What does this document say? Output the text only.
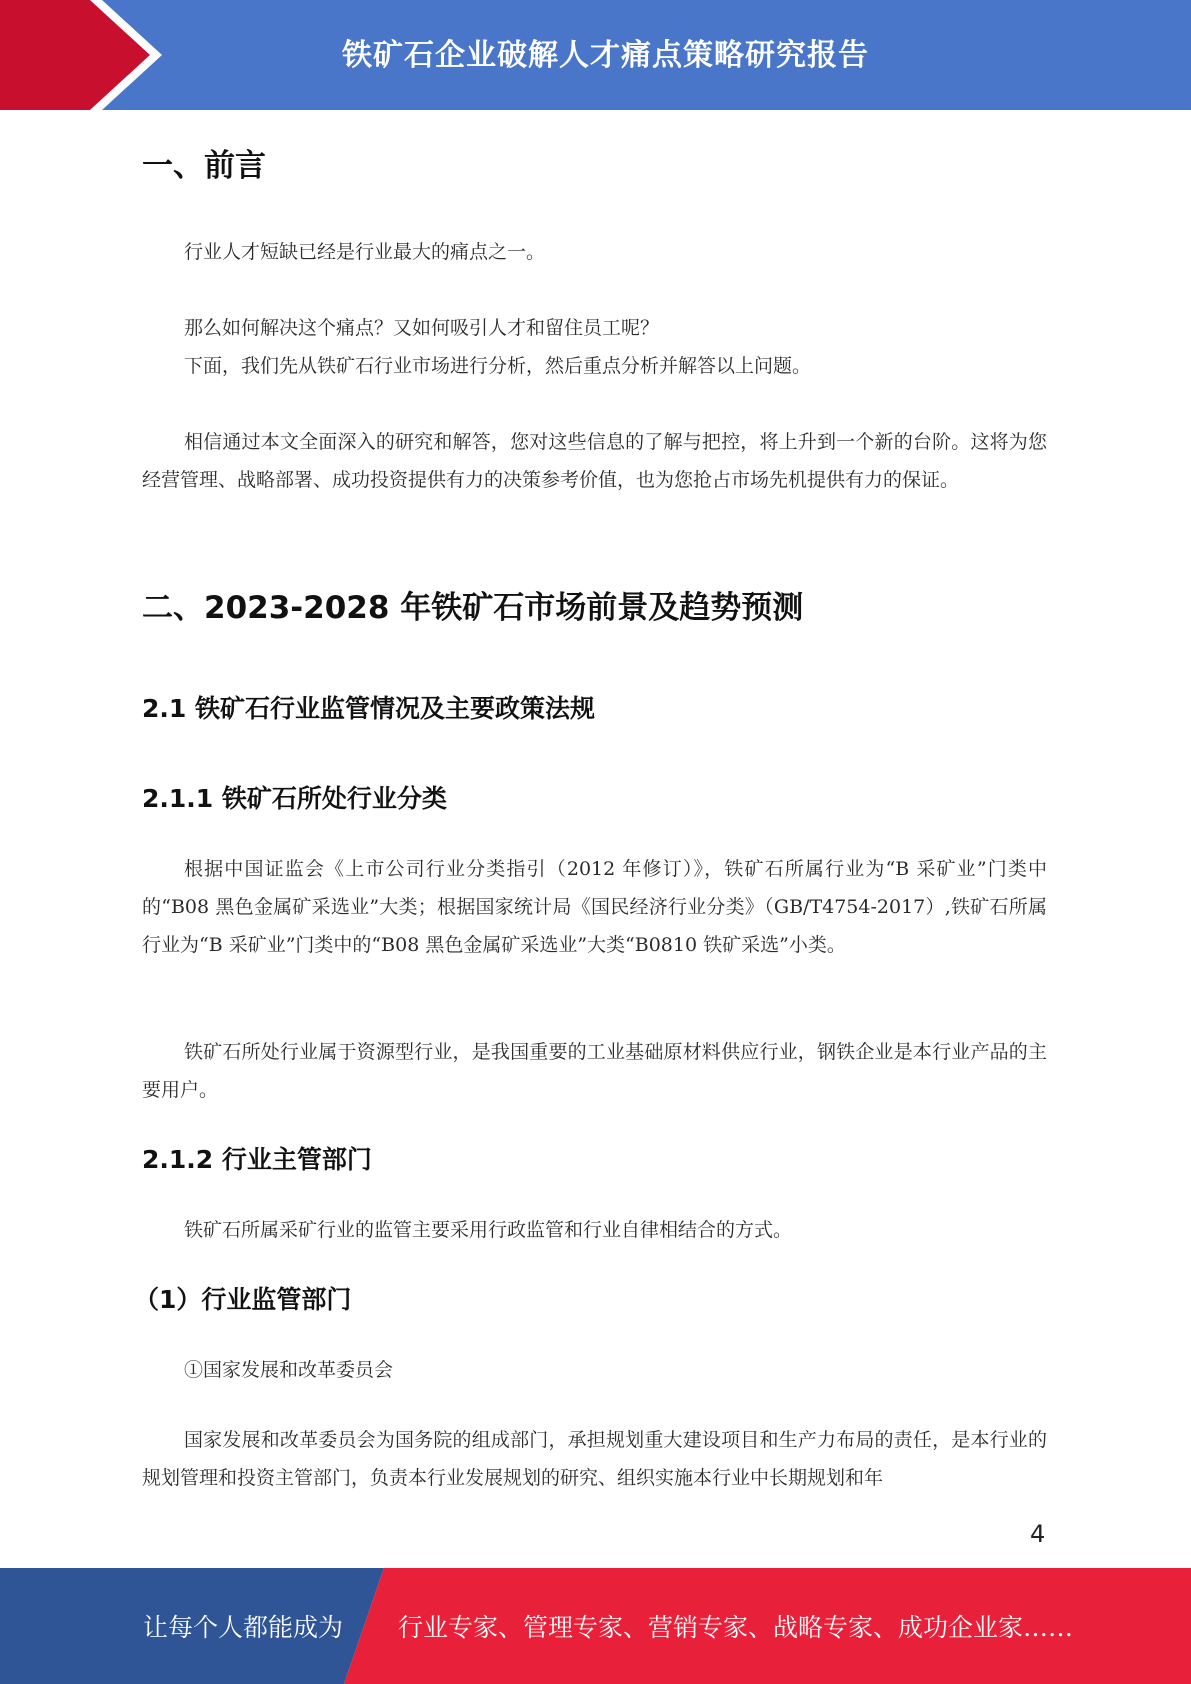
铁矿石企业破解人才痛点策略研究报告
一、前言

行业人才短缺已经是行业最大的痛点之一。

那么如何解决这个痛点？又如何吸引人才和留住员工呢？

下面，我们先从铁矿石行业市场进行分析，然后重点分析并解答以上问题。

相信通过本文全面深入的研究和解答，您对这些信息的了解与把控，将上升到一个新的台阶。这将为您经营管理、战略部署、成功投资提供有力的决策参考价值，也为您抢占市场先机提供有力的保证。

二、2023-2028 年铁矿石市场前景及趋势预测
2.1 铁矿石行业监管情况及主要政策法规
2.1.1 铁矿石所处行业分类

根据中国证监会《上市公司行业分类指引（2012 年修订）》，铁矿石所属行业为“B 采矿业”门类中的“B08 黑色金属矿采选业”大类；根据国家统计局《国民经济行业分类》（GB/T4754-2017）,铁矿石所属行业为“B 采矿业”门类中的“B08 黑色金属矿采选业”大类“B0810 铁矿采选”小类。

铁矿石所处行业属于资源型行业，是我国重要的工业基础原材料供应行业，钢铁企业是本行业产品的主要用户。

2.1.2 行业主管部门

铁矿石所属采矿行业的监管主要采用行政监管和行业自律相结合的方式。

（1）行业监管部门

①国家发展和改革委员会

国家发展和改革委员会为国务院的组成部门，承担规划重大建设项目和生产力布局的责任，是本行业的规划管理和投资主管部门，负责本行业发展规划的研究、组织实施本行业中长期规划和年

4
让每个人都能成为 行业专家、管理专家、营销专家、战略专家、成功企业家……
